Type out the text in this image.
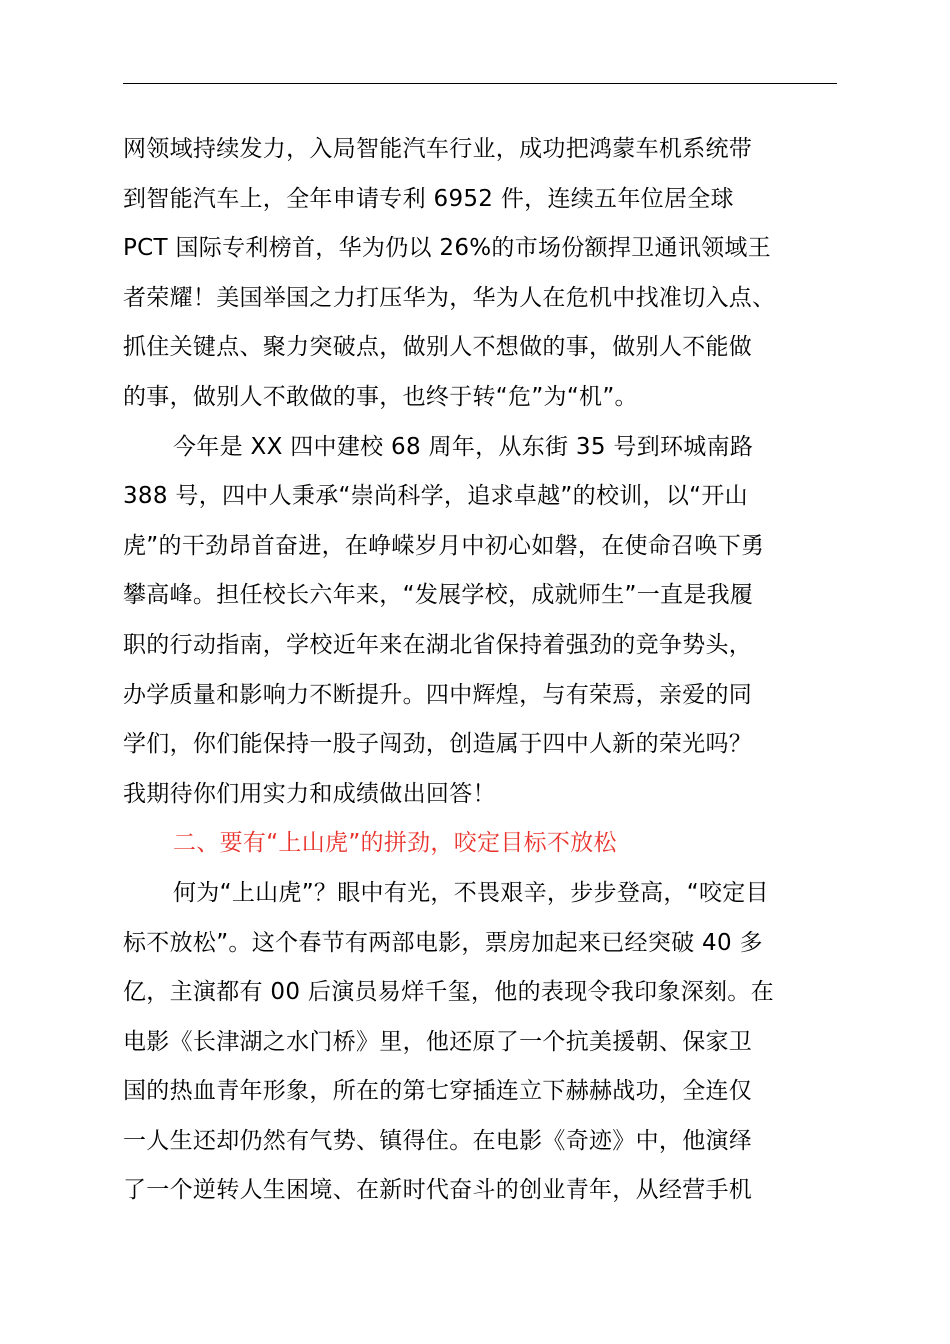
网领域持续发力，入局智能汽车行业，成功把鸿蒙车机系统带
到智能汽车上，全年申请专利 6952 件，连续五年位居全球
PCT 国际专利榜首，华为仍以 26%的市场份额捍卫通讯领域王
者荣耀！美国举国之力打压华为，华为人在危机中找准切入点、
抓住关键点、聚力突破点，做别人不想做的事，做别人不能做
的事，做别人不敢做的事，也终于转“危”为“机”。
今年是 XX 四中建校 68 周年，从东街 35 号到环城南路
388 号，四中人秉承“崇尚科学，追求卓越”的校训，以“开山
虎”的干劲昂首奋进，在峥嵘岁月中初心如磐，在使命召唤下勇
攀高峰。担任校长六年来，“发展学校，成就师生”一直是我履
职的行动指南，学校近年来在湖北省保持着强劲的竞争势头，
办学质量和影响力不断提升。四中辉煌，与有荣焉，亲爱的同
学们，你们能保持一股子闯劲，创造属于四中人新的荣光吗？
我期待你们用实力和成绩做出回答！
二、要有“上山虎”的拼劲，咬定目标不放松
何为“上山虎”？眼中有光，不畏艰辛，步步登高，“咬定目
标不放松”。这个春节有两部电影，票房加起来已经突破 40 多
亿，主演都有 00 后演员易烊千玺，他的表现令我印象深刻。在
电影《长津湖之水门桥》里，他还原了一个抗美援朝、保家卫
国的热血青年形象，所在的第七穿插连立下赫赫战功，全连仅
一人生还却仍然有气势、镇得住。在电影《奇迹》中，他演绎
了一个逆转人生困境、在新时代奋斗的创业青年，从经营手机
